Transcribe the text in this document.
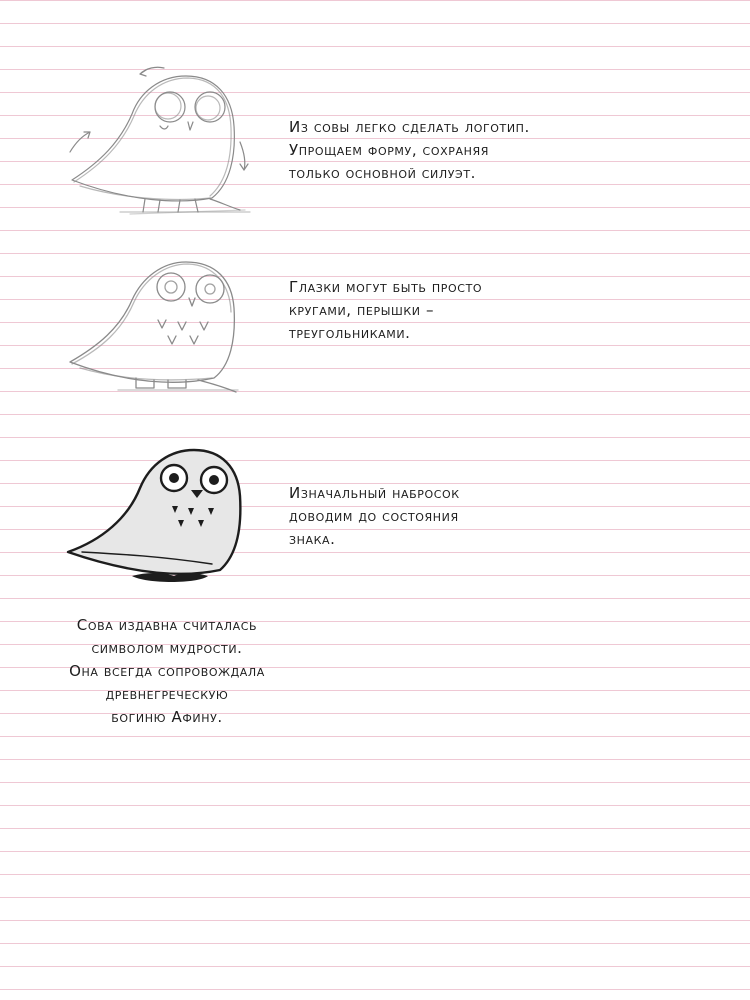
Из совы легко сделать логотип.
Упрощаем форму, сохраняя
только основной силуэт.
Глазки могут быть просто
кругами, перышки –
треугольниками.
Изначальный набросок
доводим до состояния
знака.
Сова издавна считалась
символом мудрости.
Она всегда сопровождала
древнегреческую
богиню Афину.
